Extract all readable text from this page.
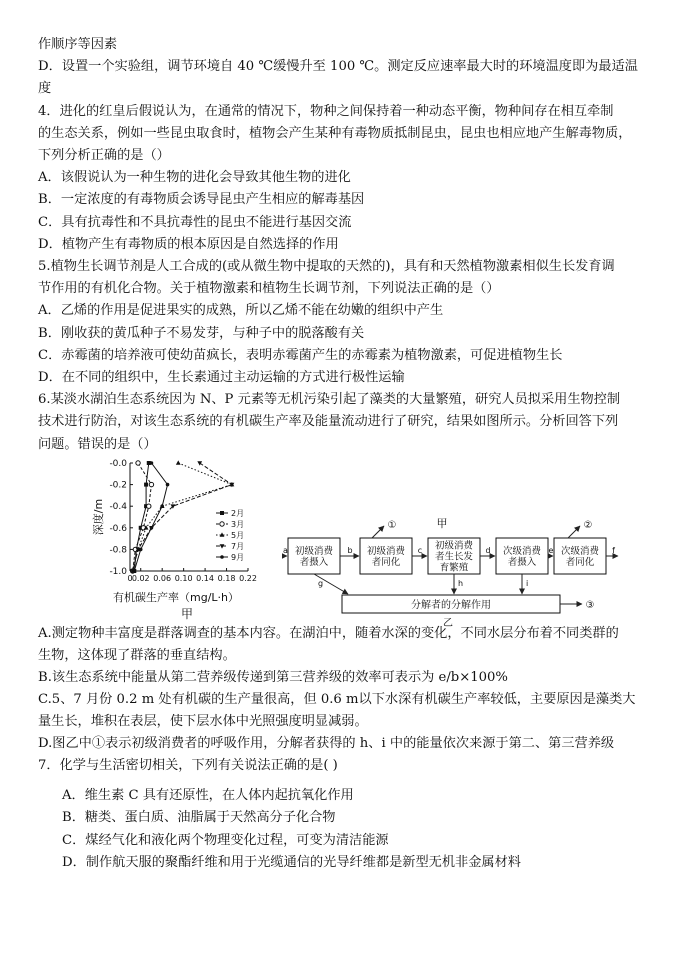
作顺序等因素
D．设置一个实验组，调节环境自 40 ℃缓慢升至 100 ℃。测定反应速率最大时的环境温度即为最适温
度
4．进化的红皇后假说认为，在通常的情况下，物种之间保持着一种动态平衡，物种间存在相互牵制
的生态关系，例如一些昆虫取食时，植物会产生某种有毒物质抵制昆虫，昆虫也相应地产生解毒物质，
下列分析正确的是（）
A．该假说认为一种生物的进化会导致其他生物的进化
B．一定浓度的有毒物质会诱导昆虫产生相应的解毒基因
C．具有抗毒性和不具抗毒性的昆虫不能进行基因交流
D．植物产生有毒物质的根本原因是自然选择的作用
5.植物生长调节剂是人工合成的(或从微生物中提取的天然的)，具有和天然植物激素相似生长发育调
节作用的有机化合物。关于植物激素和植物生长调节剂，下列说法正确的是（）
A．乙烯的作用是促进果实的成熟，所以乙烯不能在幼嫩的组织中产生
B．刚收获的黄瓜种子不易发芽，与种子中的脱落酸有关
C．赤霉菌的培养液可使幼苗疯长，表明赤霉菌产生的赤霉素为植物激素，可促进植物生长
D．在不同的组织中，生长素通过主动运输的方式进行极性运输
6.某淡水湖泊生态系统因为 N、P 元素等无机污染引起了藻类的大量繁殖，研究人员拟采用生物控制
技术进行防治，对该生态系统的有机碳生产率及能量流动进行了研究，结果如图所示。分析回答下列
问题。错误的是（）
-0.0
-0.2
-0.4
-0.6
-0.8
-1.0
0 0.02 0.06 0.10 0.14 0.18 0.22
深度/m
有机碳生产率（mg/L·h）
2月
3月
5月
7月
9月
甲
初级消费
者摄入
初级消费
者同化
初级消费
者生长发
育繁殖
次级消费
者摄入
次级消费
者同化
甲
a	b	c	d	e	f
①	②
分解者的分解作用
g	h	i
③
乙
A.测定物种丰富度是群落调查的基本内容。在湖泊中，随着水深的变化，不同水层分布着不同类群的
生物，这体现了群落的垂直结构。
B.该生态系统中能量从第二营养级传递到第三营养级的效率可表示为 e/b×100%
C.5、7 月份 0.2 m 处有机碳的生产量很高，但 0.6 m以下水深有机碳生产率较低，主要原因是藻类大
量生长，堆积在表层，使下层水体中光照强度明显减弱。
D.图乙中①表示初级消费者的呼吸作用，分解者获得的 h、i 中的能量依次来源于第二、第三营养级
7．化学与生活密切相关，下列有关说法正确的是( )
A．维生素 C 具有还原性，在人体内起抗氧化作用
B．糖类、蛋白质、油脂属于天然高分子化合物
C．煤经气化和液化两个物理变化过程，可变为清洁能源
D．制作航天服的聚酯纤维和用于光缆通信的光导纤维都是新型无机非金属材料
